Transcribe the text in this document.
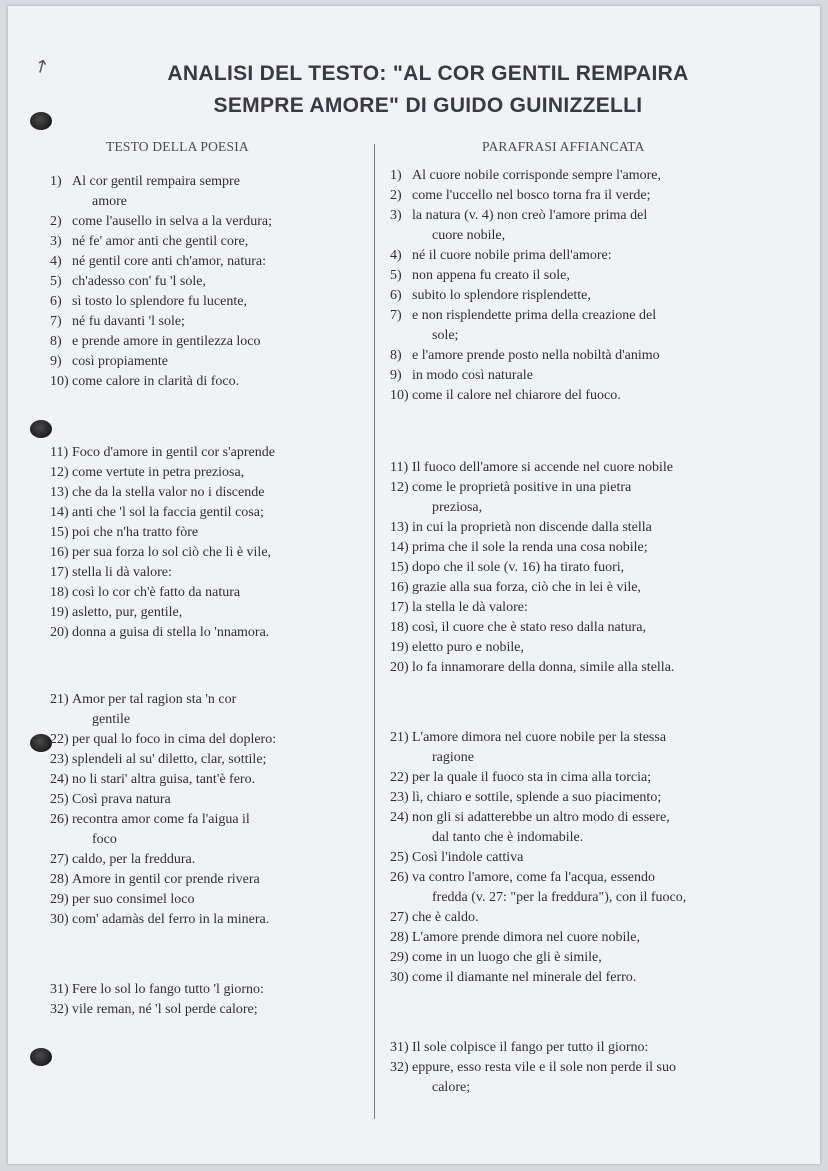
↗	ANALISI DEL TESTO: "AL COR GENTIL REMPAIRA
SEMPRE AMORE" DI GUIDO GUINIZZELLI
TESTO DELLA POESIA	PARAFRASI AFFIANCATA
1) Al cor gentil rempaira sempre
amore
2) come l'ausello in selva a la verdura;
3) né fe' amor anti che gentil core,
4) né gentil core anti ch'amor, natura:
5) ch'adesso con' fu 'l sole,
6) sì tosto lo splendore fu lucente,
7) né fu davanti 'l sole;
8) e prende amore in gentilezza loco
9) così propiamente
10) come calore in clarità di foco.
11) Foco d'amore in gentil cor s'aprende
12) come vertute in petra preziosa,
13) che da la stella valor no i discende
14) anti che 'l sol la faccia gentil cosa;
15) poi che n'ha tratto fòre
16) per sua forza lo sol ciò che lì è vile,
17) stella li dà valore:
18) così lo cor ch'è fatto da natura
19) asletto, pur, gentile,
20) donna a guisa di stella lo 'nnamora.
21) Amor per tal ragion sta 'n cor
gentile
22) per qual lo foco in cima del doplero:
23) splendeli al su' diletto, clar, sottile;
24) no li stari' altra guisa, tant'è fero.
25) Così prava natura
26) recontra amor come fa l'aigua il
foco
27) caldo, per la freddura.
28) Amore in gentil cor prende rivera
29) per suo consimel loco
30) com' adamàs del ferro in la minera.
31) Fere lo sol lo fango tutto 'l giorno:
32) vile reman, né 'l sol perde calore;
1) Al cuore nobile corrisponde sempre l'amore,
2) come l'uccello nel bosco torna fra il verde;
3) la natura (v. 4) non creò l'amore prima del
cuore nobile,
4) né il cuore nobile prima dell'amore:
5) non appena fu creato il sole,
6) subito lo splendore risplendette,
7) e non risplendette prima della creazione del
sole;
8) e l'amore prende posto nella nobiltà d'animo
9) in modo così naturale
10) come il calore nel chiarore del fuoco.
11) Il fuoco dell'amore si accende nel cuore nobile
12) come le proprietà positive in una pietra
preziosa,
13) in cui la proprietà non discende dalla stella
14) prima che il sole la renda una cosa nobile;
15) dopo che il sole (v. 16) ha tirato fuori,
16) grazie alla sua forza, ciò che in lei è vile,
17) la stella le dà valore:
18) così, il cuore che è stato reso dalla natura,
19) eletto puro e nobile,
20) lo fa innamorare della donna, simile alla stella.
21) L'amore dimora nel cuore nobile per la stessa
ragione
22) per la quale il fuoco sta in cima alla torcia;
23) lì, chiaro e sottile, splende a suo piacimento;
24) non gli si adatterebbe un altro modo di essere,
dal tanto che è indomabile.
25) Così l'indole cattiva
26) va contro l'amore, come fa l'acqua, essendo
fredda (v. 27: "per la freddura"), con il fuoco,
27) che è caldo.
28) L'amore prende dimora nel cuore nobile,
29) come in un luogo che gli è simile,
30) come il diamante nel minerale del ferro.
31) Il sole colpisce il fango per tutto il giorno:
32) eppure, esso resta vile e il sole non perde il suo
calore;
